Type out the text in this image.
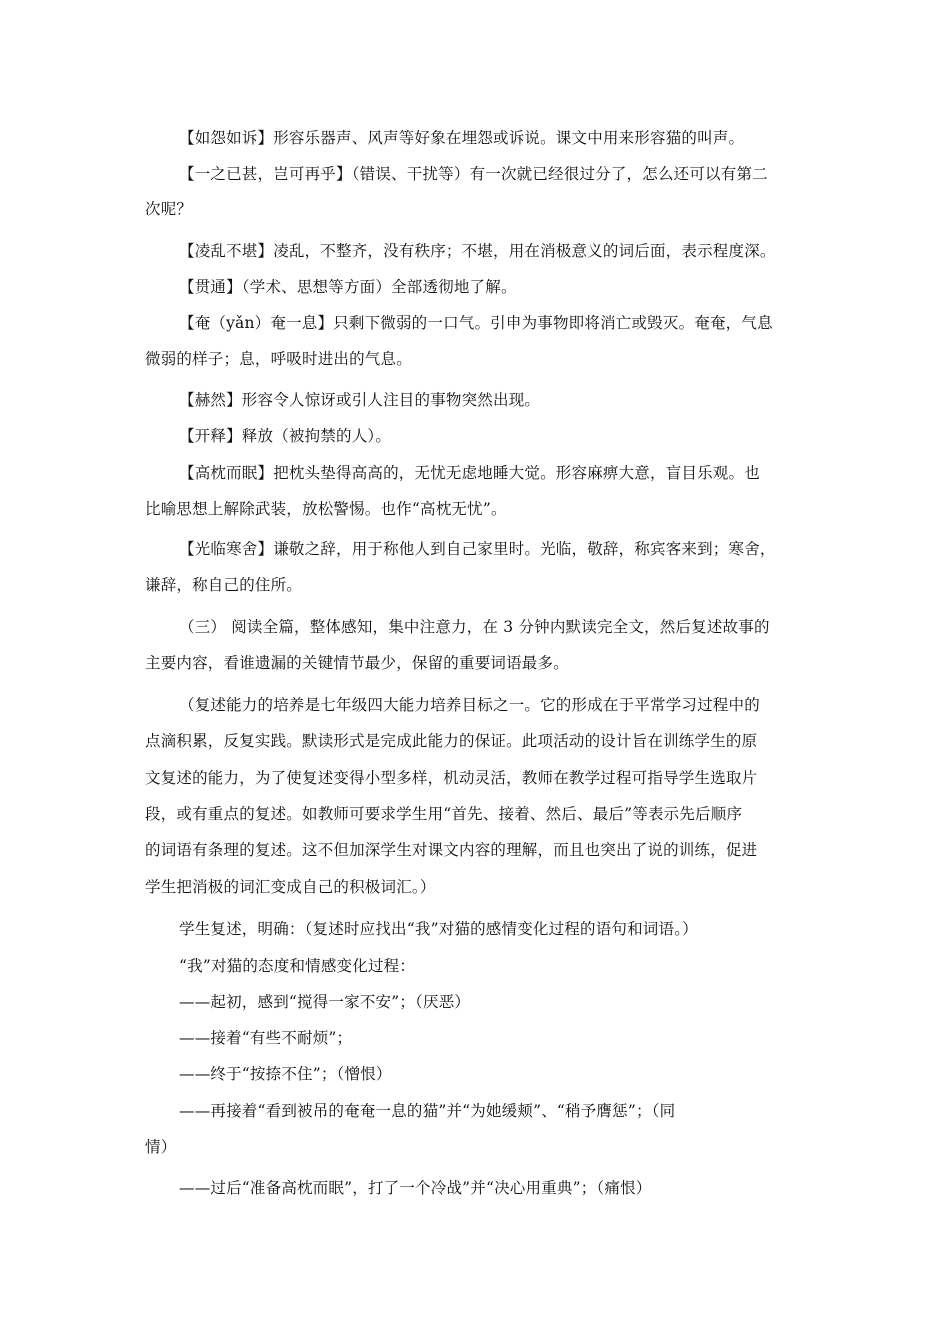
【如怨如诉】形容乐器声、风声等好象在埋怨或诉说。课文中用来形容猫的叫声。
【一之已甚，岂可再乎】（错误、干扰等）有一次就已经很过分了，怎么还可以有第二
次呢？
【凌乱不堪】凌乱，不整齐，没有秩序；不堪，用在消极意义的词后面，表示程度深。
【贯通】（学术、思想等方面）全部透彻地了解。
【奄（yǎn）奄一息】只剩下微弱的一口气。引申为事物即将消亡或毁灭。奄奄，气息
微弱的样子；息，呼吸时进出的气息。
【赫然】形容令人惊讶或引人注目的事物突然出现。
【开释】释放（被拘禁的人）。
【高枕而眠】把枕头垫得高高的，无忧无虑地睡大觉。形容麻痹大意，盲目乐观。也
比喻思想上解除武装，放松警惕。也作“高枕无忧”。
【光临寒舍】谦敬之辞，用于称他人到自己家里时。光临，敬辞，称宾客来到；寒舍，
谦辞，称自己的住所。
（三） 阅读全篇，整体感知，集中注意力，在 3 分钟内默读完全文，然后复述故事的
主要内容，看谁遗漏的关键情节最少，保留的重要词语最多。
（复述能力的培养是七年级四大能力培养目标之一。它的形成在于平常学习过程中的
点滴积累，反复实践。默读形式是完成此能力的保证。此项活动的设计旨在训练学生的原
文复述的能力，为了使复述变得小型多样，机动灵活，教师在教学过程可指导学生选取片
段，或有重点的复述。如教师可要求学生用“首先、接着、然后、最后”等表示先后顺序
的词语有条理的复述。这不但加深学生对课文内容的理解，而且也突出了说的训练，促进
学生把消极的词汇变成自己的积极词汇。）
学生复述，明确：（复述时应找出“我”对猫的感情变化过程的语句和词语。）
“我”对猫的态度和情感变化过程：
——起初，感到“搅得一家不安”；（厌恶）
——接着“有些不耐烦”；
——终于“按捺不住”；（憎恨）
——再接着“看到被吊的奄奄一息的猫”并“为她缓颊”、“稍予膺惩”；（同
情）
——过后“准备高枕而眠”，打了一个冷战”并“决心用重典”；（痛恨）
